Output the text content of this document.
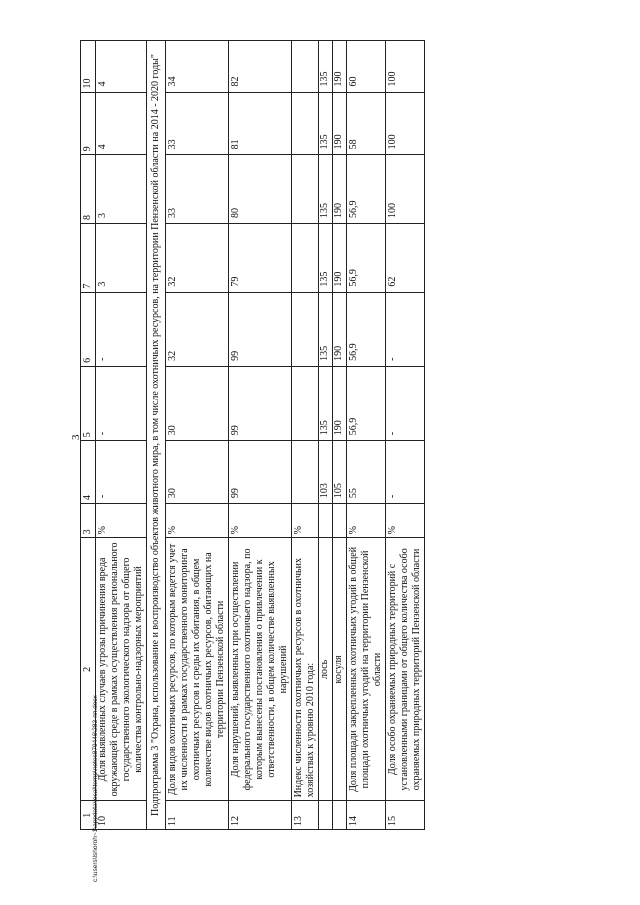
3
1	2	3	4	5	6	7	8	9	10
10	Доля выявленных случаев угрозы причинения вреда окружающей среде в рамках осуществления регионального государственного экологического надзора от общего количества контрольно-надзорных мероприятий	%	-	-	-	3	3	4	4
Подпрограмма 3 "Охрана, использование и воспроизводство объектов животного мира, в том числе охотничьих ресурсов, на территории Пензенской области на 2014 - 2020 годы"									
11	Доля видов охотничьих ресурсов, по которым ведется учет их численности в рамках государственного мониторинга охотничьих ресурсов и среды их обитания, в общем количестве видов охотничьих ресурсов, обитающих на территории Пензенской области	%	30	30	32	32	33	33	34
12	Доля нарушений, выявленных при осуществлении федерального государственного охотничьего надзора, по которым вынесены постановления о привлечении к ответственности, в общем количестве выявленных нарушений	%	99	99	99	79	80	81	82
13	Индекс численности охотничьих ресурсов в охотничьих хозяйствах к уровню 2010 года:	%							
	лось		103	135	135	135	135	135	135
	косуля		105	190	190	190	190	190	190
14	Доля площади закрепленных охотничьих угодий в общей площади охотничьих угодий на территории Пензенской области	%	55	56,9	56,9	56,9	56,9	58	60
15	Доля особо охраняемых природных территорий с установленными границами от общего количества особо охраняемых природных территорий Пензенской области	%	-	-	-	62	100	100	100
c:\users\lshoroh~1\appdata\local\temp\notes879446\283-пп.docx
